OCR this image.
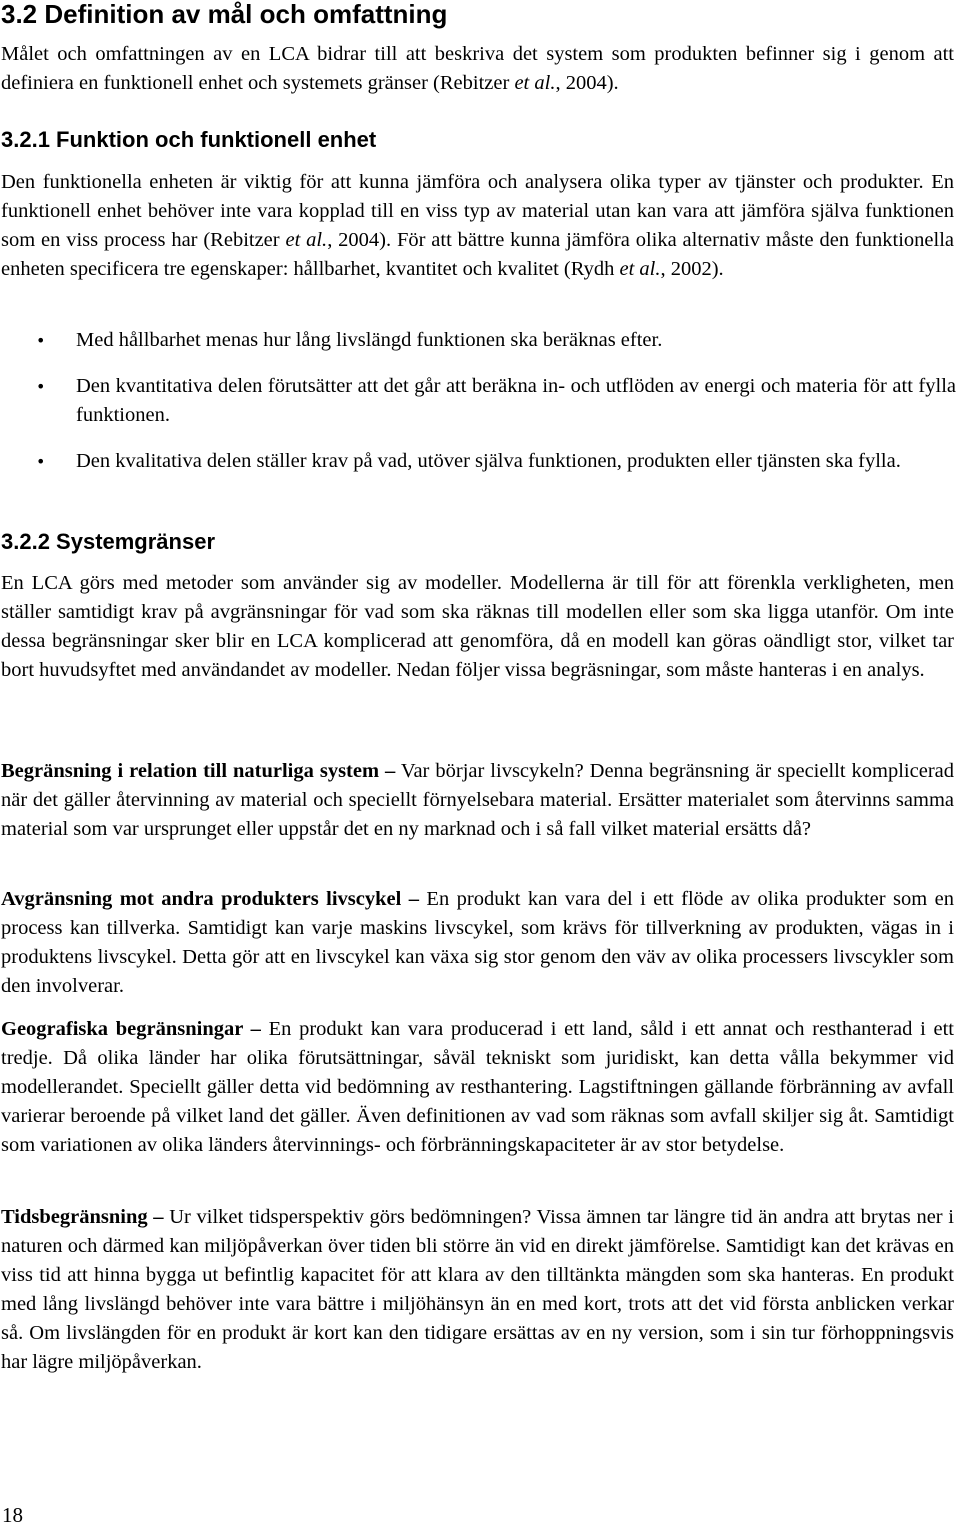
3.2 Definition av mål och omfattning

Målet och omfattningen av en LCA bidrar till att beskriva det system som produkten befinner sig i genom att definiera en funktionell enhet och systemets gränser (Rebitzer et al., 2004).

3.2.1 Funktion och funktionell enhet

Den funktionella enheten är viktig för att kunna jämföra och analysera olika typer av tjänster och produkter. En funktionell enhet behöver inte vara kopplad till en viss typ av material utan kan vara att jämföra själva funktionen som en viss process har (Rebitzer et al., 2004). För att bättre kunna jämföra olika alternativ måste den funktionella enheten specificera tre egenskaper: hållbarhet, kvantitet och kvalitet (Rydh et al., 2002).

• Med hållbarhet menas hur lång livslängd funktionen ska beräknas efter.
• Den kvantitativa delen förutsätter att det går att beräkna in- och utflöden av energi och materia för att fylla funktionen.
• Den kvalitativa delen ställer krav på vad, utöver själva funktionen, produkten eller tjänsten ska fylla.
3.2.2 Systemgränser

En LCA görs med metoder som använder sig av modeller. Modellerna är till för att förenkla verkligheten, men ställer samtidigt krav på avgränsningar för vad som ska räknas till modellen eller som ska ligga utanför. Om inte dessa begränsningar sker blir en LCA komplicerad att genomföra, då en modell kan göras oändligt stor, vilket tar bort huvudsyftet med användandet av modeller. Nedan följer vissa begräsningar, som måste hanteras i en analys.

Begränsning i relation till naturliga system – Var börjar livscykeln? Denna begränsning är speciellt komplicerad när det gäller återvinning av material och speciellt förnyelsebara material. Ersätter materialet som återvinns samma material som var ursprunget eller uppstår det en ny marknad och i så fall vilket material ersätts då?

Avgränsning mot andra produkters livscykel – En produkt kan vara del i ett flöde av olika produkter som en process kan tillverka. Samtidigt kan varje maskins livscykel, som krävs för tillverkning av produkten, vägas in i produktens livscykel. Detta gör att en livscykel kan växa sig stor genom den väv av olika processers livscykler som den involverar.

Geografiska begränsningar – En produkt kan vara producerad i ett land, såld i ett annat och resthanterad i ett tredje. Då olika länder har olika förutsättningar, såväl tekniskt som juridiskt, kan detta vålla bekymmer vid modellerandet. Speciellt gäller detta vid bedömning av resthantering. Lagstiftningen gällande förbränning av avfall varierar beroende på vilket land det gäller. Även definitionen av vad som räknas som avfall skiljer sig åt. Samtidigt som variationen av olika länders återvinnings- och förbränningskapaciteter är av stor betydelse.

Tidsbegränsning – Ur vilket tidsperspektiv görs bedömningen? Vissa ämnen tar längre tid än andra att brytas ner i naturen och därmed kan miljöpåverkan över tiden bli större än vid en direkt jämförelse. Samtidigt kan det krävas en viss tid att hinna bygga ut befintlig kapacitet för att klara av den tilltänkta mängden som ska hanteras. En produkt med lång livslängd behöver inte vara bättre i miljöhänsyn än en med kort, trots att det vid första anblicken verkar så. Om livslängden för en produkt är kort kan den tidigare ersättas av en ny version, som i sin tur förhoppningsvis har lägre miljöpåverkan.

18
